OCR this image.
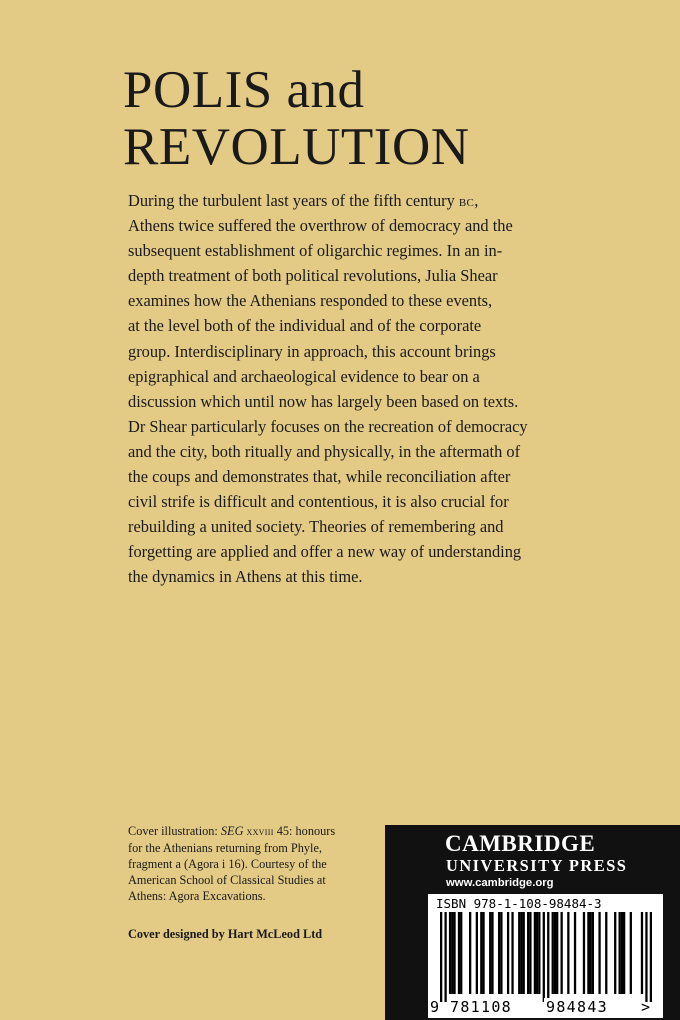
POLIS and
REVOLUTION
During the turbulent last years of the fifth century bc,
Athens twice suffered the overthrow of democracy and the
subsequent establishment of oligarchic regimes. In an in-
depth treatment of both political revolutions, Julia Shear
examines how the Athenians responded to these events,
at the level both of the individual and of the corporate
group. Interdisciplinary in approach, this account brings
epigraphical and archaeological evidence to bear on a
discussion which until now has largely been based on texts.
Dr Shear particularly focuses on the recreation of democracy
and the city, both ritually and physically, in the aftermath of
the coups and demonstrates that, while reconciliation after
civil strife is difficult and contentious, it is also crucial for
rebuilding a united society. Theories of remembering and
forgetting are applied and offer a new way of understanding
the dynamics in Athens at this time.
Cover illustration: SEG xxviii 45: honours
for the Athenians returning from Phyle,
fragment a (Agora i 16). Courtesy of the
American School of Classical Studies at
Athens: Agora Excavations.
Cover designed by Hart McLeod Ltd
CAMBRIDGE
UNIVERSITY PRESS
www.cambridge.org
ISBN 978-1-108-98484-3
9 781108 984843 >
